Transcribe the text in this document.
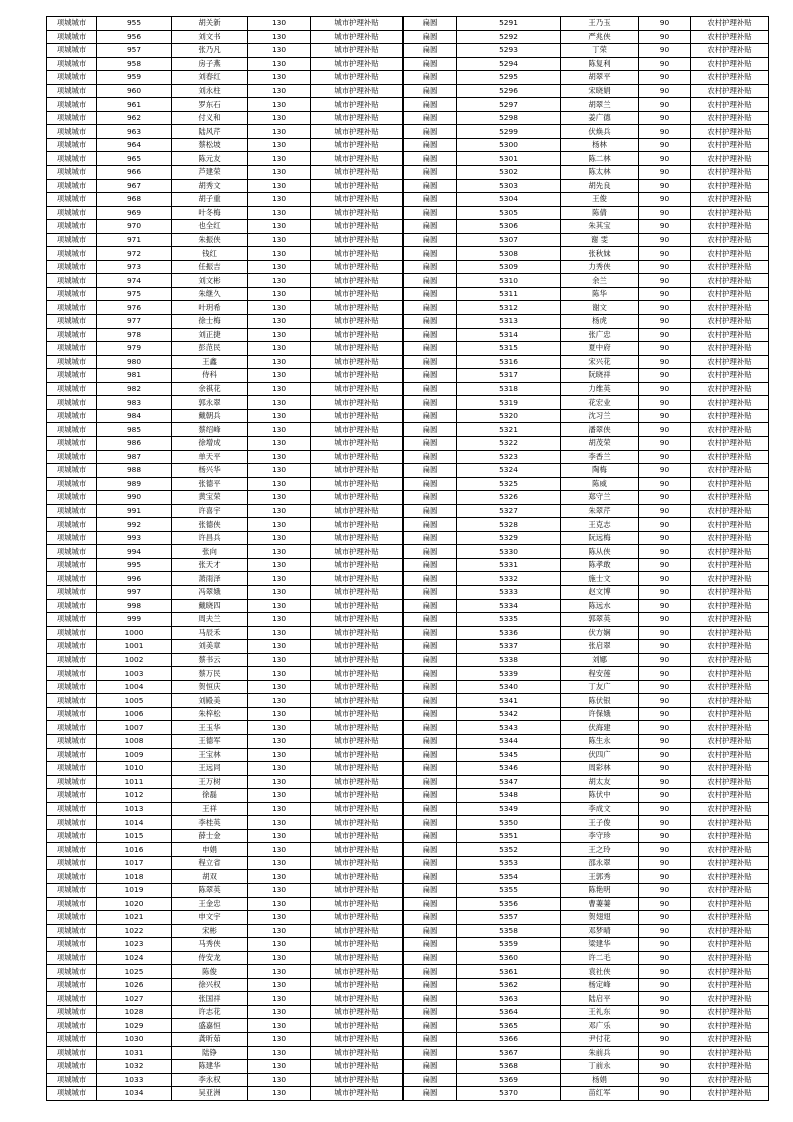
项城城市	955	胡关新	130	城市护理补贴
项城城市	956	刘文书	130	城市护理补贴
项城城市	957	张乃凡	130	城市护理补贴
项城城市	958	房子燕	130	城市护理补贴
项城城市	959	刘春红	130	城市护理补贴
项城城市	960	刘永柱	130	城市护理补贴
项城城市	961	罗东石	130	城市护理补贴
项城城市	962	付义和	130	城市护理补贴
项城城市	963	陆风芹	130	城市护理补贴
项城城市	964	蔡松坡	130	城市护理补贴
项城城市	965	陈元友	130	城市护理补贴
项城城市	966	芦建荣	130	城市护理补贴
项城城市	967	胡秀文	130	城市护理补贴
项城城市	968	胡子重	130	城市护理补贴
项城城市	969	叶冬梅	130	城市护理补贴
项城城市	970	也全红	130	城市护理补贴
项城城市	971	朱振侠	130	城市护理补贴
项城城市	972	钱红	130	城市护理补贴
项城城市	973	任振吉	130	城市护理补贴
项城城市	974	刘文彬	130	城市护理补贴
项城城市	975	朱继久	130	城市护理补贴
项城城市	976	叶玥希	130	城市护理补贴
项城城市	977	徐士梅	130	城市护理补贴
项城城市	978	刘正捷	130	城市护理补贴
项城城市	979	彭范民	130	城市护理补贴
项城城市	980	王鑫	130	城市护理补贴
项城城市	981	侍科	130	城市护理补贴
项城城市	982	余祺花	130	城市护理补贴
项城城市	983	郭永翠	130	城市护理补贴
项城城市	984	戴朝兵	130	城市护理补贴
项城城市	985	蔡绍峰	130	城市护理补贴
项城城市	986	徐增成	130	城市护理补贴
项城城市	987	单天平	130	城市护理补贴
项城城市	988	杨兴华	130	城市护理补贴
项城城市	989	张德平	130	城市护理补贴
项城城市	990	黄宝荣	130	城市护理补贴
项城城市	991	许喜宇	130	城市护理补贴
项城城市	992	张德侠	130	城市护理补贴
项城城市	993	许昌兵	130	城市护理补贴
项城城市	994	张向	130	城市护理补贴
项城城市	995	张天才	130	城市护理补贴
项城城市	996	萧雨泽	130	城市护理补贴
项城城市	997	冯翠娥	130	城市护理补贴
项城城市	998	戴晓四	130	城市护理补贴
项城城市	999	周夫兰	130	城市护理补贴
项城城市	1000	马辰禾	130	城市护理补贴
项城城市	1001	刘美章	130	城市护理补贴
项城城市	1002	蔡书云	130	城市护理补贴
项城城市	1003	蔡万民	130	城市护理补贴
项城城市	1004	贺恒庆	130	城市护理补贴
项城城市	1005	刘殿美	130	城市护理补贴
项城城市	1006	朱梓松	130	城市护理补贴
项城城市	1007	王玉华	130	城市护理补贴
项城城市	1008	王德军	130	城市护理补贴
项城城市	1009	王宝林	130	城市护理补贴
项城城市	1010	王远同	130	城市护理补贴
项城城市	1011	王万树	130	城市护理补贴
项城城市	1012	徐磊	130	城市护理补贴
项城城市	1013	王祥	130	城市护理补贴
项城城市	1014	李桂英	130	城市护理补贴
项城城市	1015	薛士金	130	城市护理补贴
项城城市	1016	申娟	130	城市护理补贴
项城城市	1017	程立省	130	城市护理补贴
项城城市	1018	胡双	130	城市护理补贴
项城城市	1019	陈翠英	130	城市护理补贴
项城城市	1020	王金忠	130	城市护理补贴
项城城市	1021	申文宇	130	城市护理补贴
项城城市	1022	宋彬	130	城市护理补贴
项城城市	1023	马秀侠	130	城市护理补贴
项城城市	1024	侍安龙	130	城市护理补贴
项城城市	1025	陈俊	130	城市护理补贴
项城城市	1026	徐兴权	130	城市护理补贴
项城城市	1027	张国祥	130	城市护理补贴
项城城市	1028	许志花	130	城市护理补贴
项城城市	1029	盛嘉恒	130	城市护理补贴
项城城市	1030	龚昕茹	130	城市护理补贴
项城城市	1031	陆铮	130	城市护理补贴
项城城市	1032	陈建华	130	城市护理补贴
项城城市	1033	李永权	130	城市护理补贴
项城城市	1034	吴亚洲	130	城市护理补贴
扁圆	5291	王乃玉	90	农村护理补贴
扁圆	5292	严兆侠	90	农村护理补贴
扁圆	5293	丁荣	90	农村护理补贴
扁圆	5294	陈复利	90	农村护理补贴
扁圆	5295	胡翠平	90	农村护理补贴
扁圆	5296	宋晓娟	90	农村护理补贴
扁圆	5297	胡翠兰	90	农村护理补贴
扁圆	5298	姜广德	90	农村护理补贴
扁圆	5299	伏焕兵	90	农村护理补贴
扁圆	5300	杨林	90	农村护理补贴
扁圆	5301	陈二林	90	农村护理补贴
扁圆	5302	陈太林	90	农村护理补贴
扁圆	5303	胡先良	90	农村护理补贴
扁圆	5304	王俊	90	农村护理补贴
扁圆	5305	陈倩	90	农村护理补贴
扁圆	5306	朱其宝	90	农村护理补贴
扁圆	5307	谢 雯	90	农村护理补贴
扁圆	5308	张秋妹	90	农村护理补贴
扁圆	5309	力秀侠	90	农村护理补贴
扁圆	5310	余兰	90	农村护理补贴
扁圆	5311	陈华	90	农村护理补贴
扁圆	5312	谢文	90	农村护理补贴
扁圆	5313	杨虎	90	农村护理补贴
扁圆	5314	张广忠	90	农村护理补贴
扁圆	5315	夏中府	90	农村护理补贴
扁圆	5316	宋兴花	90	农村护理补贴
扁圆	5317	阮晓祥	90	农村护理补贴
扁圆	5318	力维英	90	农村护理补贴
扁圆	5319	花宏业	90	农村护理补贴
扁圆	5320	沈习兰	90	农村护理补贴
扁圆	5321	潘翠侠	90	农村护理补贴
扁圆	5322	胡茂荣	90	农村护理补贴
扁圆	5323	李香兰	90	农村护理补贴
扁圆	5324	陶梅	90	农村护理补贴
扁圆	5325	陈威	90	农村护理补贴
扁圆	5326	郑守兰	90	农村护理补贴
扁圆	5327	朱翠芹	90	农村护理补贴
扁圆	5328	王克志	90	农村护理补贴
扁圆	5329	阮远梅	90	农村护理补贴
扁圆	5330	陈从侠	90	农村护理补贴
扁圆	5331	陈孝敢	90	农村护理补贴
扁圆	5332	施士文	90	农村护理补贴
扁圆	5333	赵文博	90	农村护理补贴
扁圆	5334	陈远水	90	农村护理补贴
扁圆	5335	郭翠英	90	农村护理补贴
扁圆	5336	伏方娴	90	农村护理补贴
扁圆	5337	张启翠	90	农村护理补贴
扁圆	5338	刘娜	90	农村护理补贴
扁圆	5339	程安莲	90	农村护理补贴
扁圆	5340	丁友广	90	农村护理补贴
扁圆	5341	陈伏银	90	农村护理补贴
扁圆	5342	许保娥	90	农村护理补贴
扁圆	5343	伏海建	90	农村护理补贴
扁圆	5344	陈生永	90	农村护理补贴
扁圆	5345	伏四广	90	农村护理补贴
扁圆	5346	周彩林	90	农村护理补贴
扁圆	5347	胡太友	90	农村护理补贴
扁圆	5348	陈伏中	90	农村护理补贴
扁圆	5349	李成文	90	农村护理补贴
扁圆	5350	王子俊	90	农村护理补贴
扁圆	5351	李守珍	90	农村护理补贴
扁圆	5352	王之玲	90	农村护理补贴
扁圆	5353	邵永翠	90	农村护理补贴
扁圆	5354	王郭秀	90	农村护理补贴
扁圆	5355	陈艳明	90	农村护理补贴
扁圆	5356	曹萋萋	90	农村护理补贴
扁圆	5357	贺翅翅	90	农村护理补贴
扁圆	5358	邓梦晴	90	农村护理补贴
扁圆	5359	梁建华	90	农村护理补贴
扁圆	5360	许二毛	90	农村护理补贴
扁圆	5361	袁社侠	90	农村护理补贴
扁圆	5362	杨定峰	90	农村护理补贴
扁圆	5363	陆启平	90	农村护理补贴
扁圆	5364	王礼东	90	农村护理补贴
扁圆	5365	邓广乐	90	农村护理补贴
扁圆	5366	尹付花	90	农村护理补贴
扁圆	5367	朱前兵	90	农村护理补贴
扁圆	5368	丁前永	90	农村护理补贴
扁圆	5369	杨娟	90	农村护理补贴
扁圆	5370	苗红军	90	农村护理补贴
